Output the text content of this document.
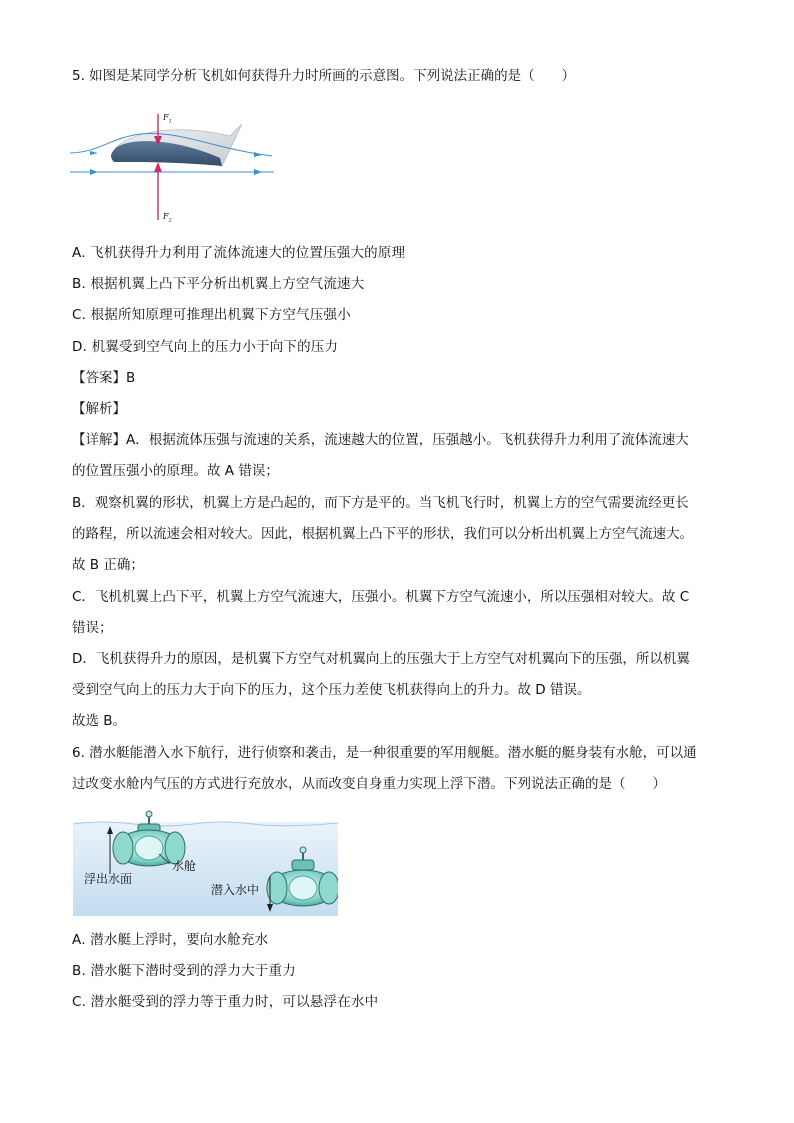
5. 如图是某同学分析飞机如何获得升力时所画的示意图。下列说法正确的是（　　）
$F_1$
$F_2$
A. 飞机获得升力利用了流体流速大的位置压强大的原理
B. 根据机翼上凸下平分析出机翼上方空气流速大
C. 根据所知原理可推理出机翼下方空气压强小
D. 机翼受到空气向上的压力小于向下的压力
【答案】B
【解析】
【详解】A．根据流体压强与流速的关系，流速越大的位置，压强越小。飞机获得升力利用了流体流速大
的位置压强小的原理。故 A 错误；
B．观察机翼的形状，机翼上方是凸起的，而下方是平的。当飞机飞行时，机翼上方的空气需要流经更长
的路程，所以流速会相对较大。因此，根据机翼上凸下平的形状，我们可以分析出机翼上方空气流速大。
故 B 正确；
C．飞机机翼上凸下平，机翼上方空气流速大，压强小。机翼下方空气流速小，所以压强相对较大。故 C
错误；
D．飞机获得升力的原因，是机翼下方空气对机翼向上的压强大于上方空气对机翼向下的压强，所以机翼
受到空气向上的压力大于向下的压力，这个压力差使飞机获得向上的升力。故 D 错误。
故选 B。
6. 潜水艇能潜入水下航行，进行侦察和袭击，是一种很重要的军用舰艇。潜水艇的艇身装有水舱，可以通
过改变水舱内气压的方式进行充放水，从而改变自身重力实现上浮下潜。下列说法正确的是（　　）
水舱
浮出水面
潜入水中
A. 潜水艇上浮时，要向水舱充水
B. 潜水艇下潜时受到的浮力大于重力
C. 潜水艇受到的浮力等于重力时，可以悬浮在水中
